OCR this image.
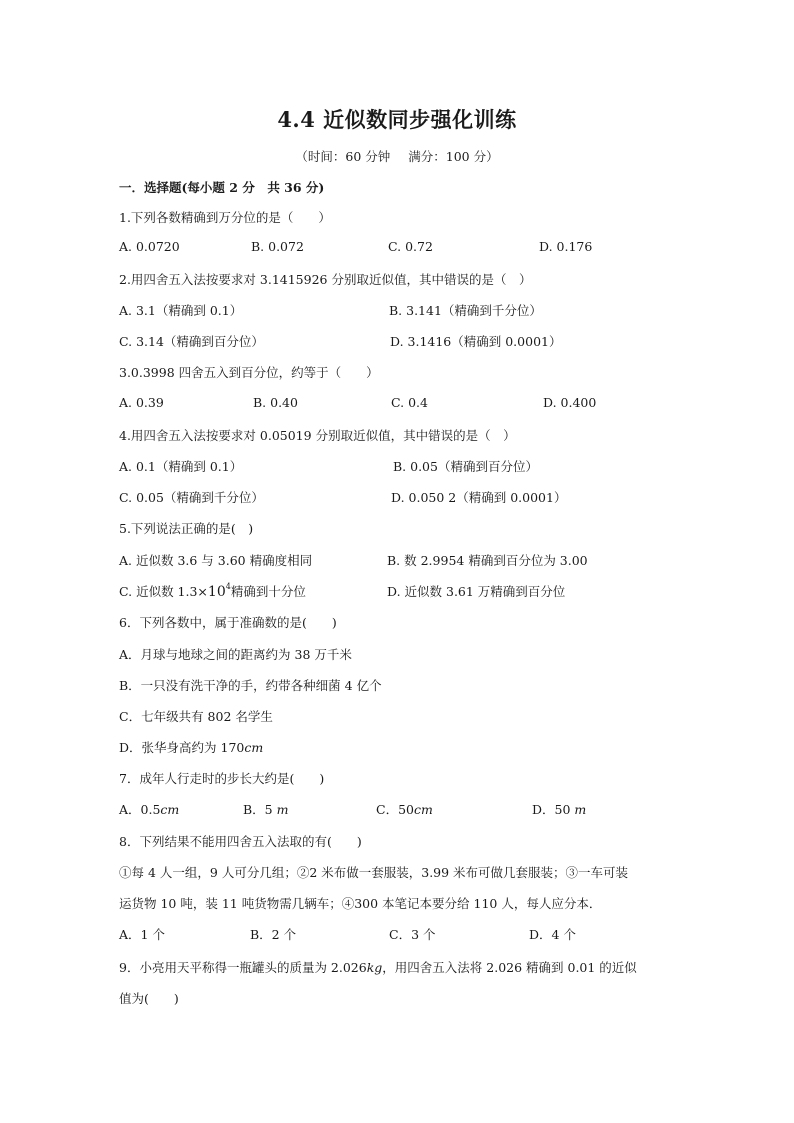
4.4 近似数同步强化训练
（时间：60 分钟 满分：100 分）
一．选择题(每小题 2 分　共 36 分)
1.下列各数精确到万分位的是（　　）
A. 0.0720	B. 0.072	C. 0.72	D. 0.176
2.用四舍五入法按要求对 3.1415926 分别取近似值，其中错误的是（　）
A. 3.1（精确到 0.1）	B. 3.141（精确到千分位）
C. 3.14（精确到百分位）	D. 3.1416（精确到 0.0001）
3.0.3998 四舍五入到百分位，约等于（　　）
A. 0.39	B. 0.40	C. 0.4	D. 0.400
4.用四舍五入法按要求对 0.05019 分别取近似值，其中错误的是（　）
A. 0.1（精确到 0.1）	B. 0.05（精确到百分位）
C. 0.05（精确到千分位）	D. 0.050 2（精确到 0.0001）
5.下列说法正确的是(　)
A. 近似数 3.6 与 3.60 精确度相同	B. 数 2.9954 精确到百分位为 3.00
C. 近似数 $1.3\times 10^4$精确到十分位	D. 近似数 3.61 万精确到百分位
6．下列各数中，属于准确数的是(　　)
A．月球与地球之间的距离约为 38 万千米
B．一只没有洗干净的手，约带各种细菌 4 亿个
C．七年级共有 802 名学生
D．张华身高约为 170cm
7．成年人行走时的步长大约是(　　)
A．0.5cm	B．5 m	C．50cm	D．50 m
8．下列结果不能用四舍五入法取的有(　　)
①每 4 人一组，9 人可分几组；②2 米布做一套服装，3.99 米布可做几套服装；③一车可装
运货物 10 吨，装 11 吨货物需几辆车；④300 本笔记本要分给 110 人，每人应分本．
A．1 个	B．2 个	C．3 个	D．4 个
9．小亮用天平称得一瓶罐头的质量为 2.026kg，用四舍五入法将 2.026 精确到 0.01 的近似
值为(　　)
